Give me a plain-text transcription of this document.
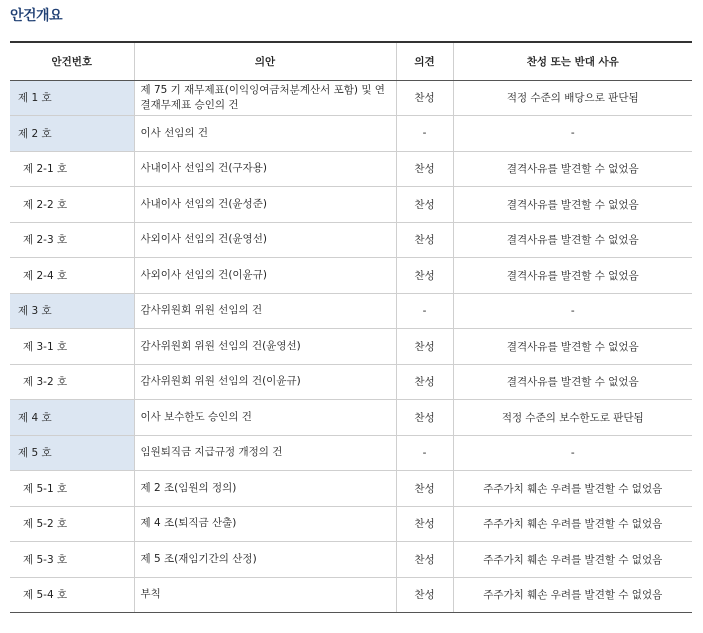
안건개요
안건번호	의안	의견	찬성 또는 반대 사유
제 1 호	제 75 기 재무제표(이익잉여금처분계산서 포함) 및 연결재무제표 승인의 건	찬성	적정 수준의 배당으로 판단됨
제 2 호	이사 선임의 건	-	-
제 2-1 호	사내이사 선임의 건(구자용)	찬성	결격사유를 발견할 수 없었음
제 2-2 호	사내이사 선임의 건(윤성준)	찬성	결격사유를 발견할 수 없었음
제 2-3 호	사외이사 선임의 건(윤영선)	찬성	결격사유를 발견할 수 없었음
제 2-4 호	사외이사 선임의 건(이윤규)	찬성	결격사유를 발견할 수 없었음
제 3 호	감사위원회 위원 선임의 건	-	-
제 3-1 호	감사위원회 위원 선임의 건(윤영선)	찬성	결격사유를 발견할 수 없었음
제 3-2 호	감사위원회 위원 선임의 건(이윤규)	찬성	결격사유를 발견할 수 없었음
제 4 호	이사 보수한도 승인의 건	찬성	적정 수준의 보수한도로 판단됨
제 5 호	임원퇴직금 지급규정 개정의 건	-	-
제 5-1 호	제 2 조(임원의 정의)	찬성	주주가치 훼손 우려를 발견할 수 없었음
제 5-2 호	제 4 조(퇴직금 산출)	찬성	주주가치 훼손 우려를 발견할 수 없었음
제 5-3 호	제 5 조(재임기간의 산정)	찬성	주주가치 훼손 우려를 발견할 수 없었음
제 5-4 호	부칙	찬성	주주가치 훼손 우려를 발견할 수 없었음
